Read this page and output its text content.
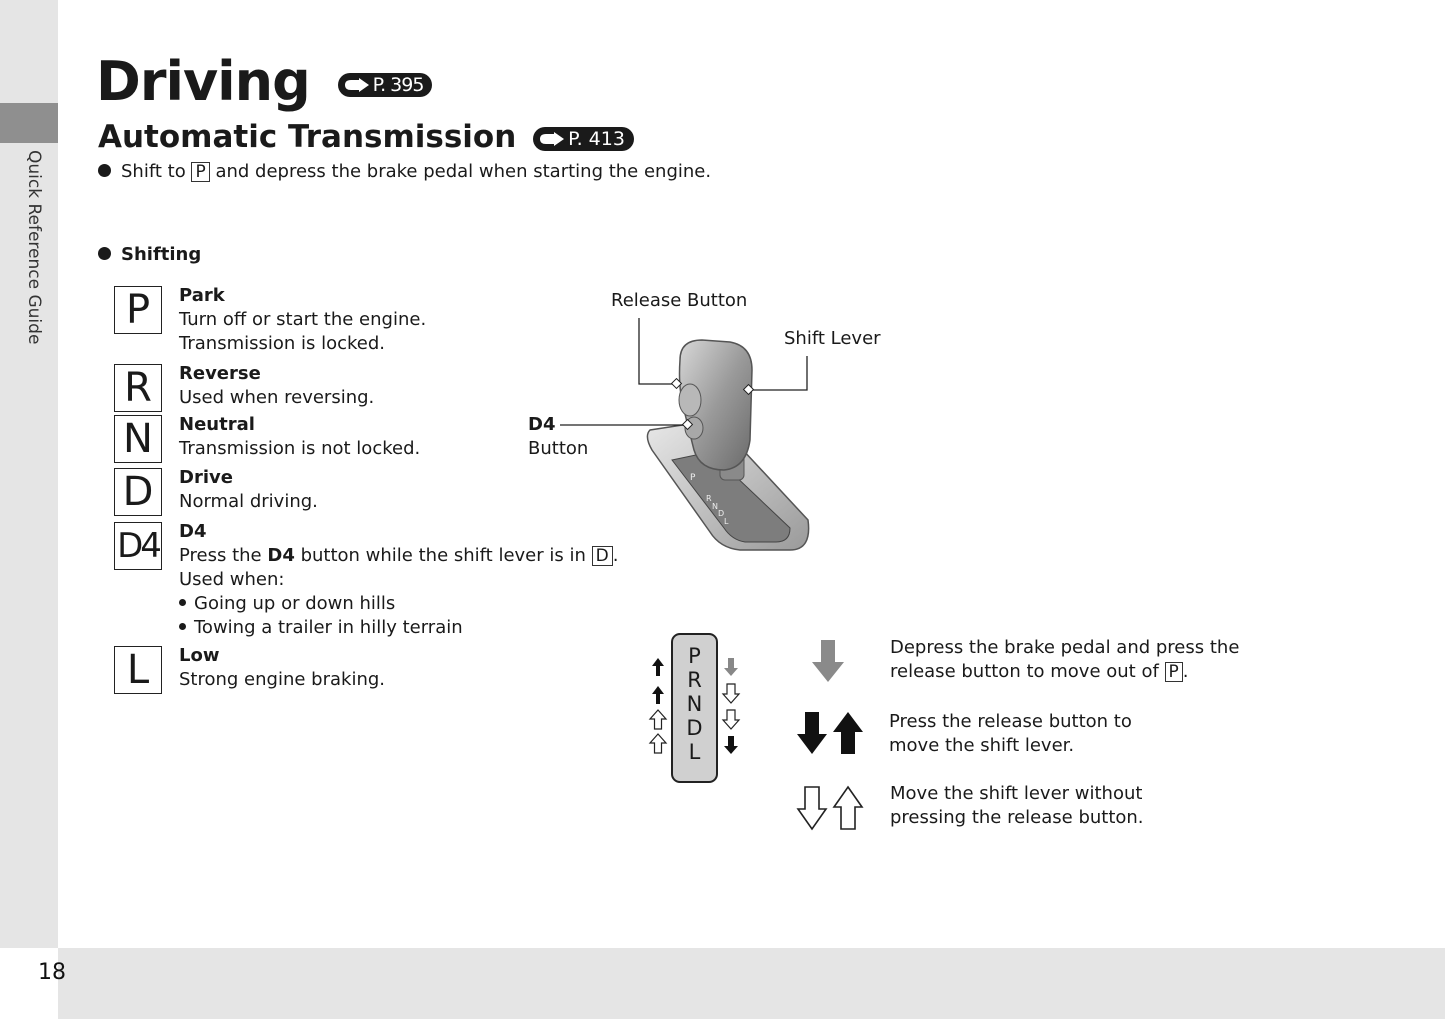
Quick Reference Guide
18
Driving	P. 395
Automatic Transmission	P. 413
Shift to P and depress the brake pedal when starting the engine.
Shifting
P	Park
Turn off or start the engine.
Transmission is locked.
R	Reverse
Used when reversing.
N	Neutral
Transmission is not locked.
D	Drive
Normal driving.
D4 D4
Press the D4 button while the shift lever is in D .
Used when:
Going up or down hills
Towing a trailer in hilly terrain
L	Low
Strong engine braking.
Release Button
Shift Lever
D4
Button
P
R
N
D
L
P
R
N
D
L
Depress the brake pedal and press the
release button to move out of P .
Press the release button to
move the shift lever.
Move the shift lever without
pressing the release button.
